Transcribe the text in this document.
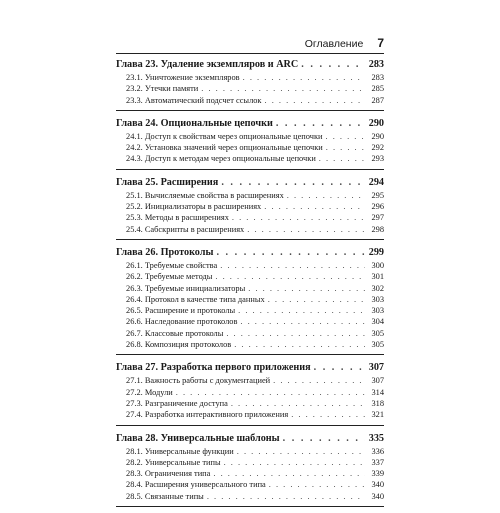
Оглавление 7
Глава 23. Удаление экземпляров и ARC . . .	283
23.1. Уничтожение экземпляров . . .	283
23.2. Утечки памяти . . .	285
23.3. Автоматический подсчет ссылок . . .	287
Глава 24. Опциональные цепочки . . .	290
24.1. Доступ к свойствам через опциональные цепочки . . .	290
24.2. Установка значений через опциональные цепочки . . .	292
24.3. Доступ к методам через опциональные цепочки . . .	293
Глава 25. Расширения . . .	294
25.1. Вычисляемые свойства в расширениях . . .	295
25.2. Инициализаторы в расширениях . . .	296
25.3. Методы в расширениях . . .	297
25.4. Сабскрипты в расширениях . . .	298
Глава 26. Протоколы . . .	299
26.1. Требуемые свойства . . .	300
26.2. Требуемые методы . . .	301
26.3. Требуемые инициализаторы . . .	302
26.4. Протокол в качестве типа данных . . .	303
26.5. Расширение и протоколы . . .	303
26.6. Наследование протоколов . . .	304
26.7. Классовые протоколы . . .	305
26.8. Композиция протоколов . . .	305
Глава 27. Разработка первого приложения . . .	307
27.1. Важность работы с документацией . . .	307
27.2. Модули . . .	314
27.3. Разграничение доступа . . .	318
27.4. Разработка интерактивного приложения . . .	321
Глава 28. Универсальные шаблоны . . .	335
28.1. Универсальные функции . . .	336
28.2. Универсальные типы . . .	337
28.3. Ограничения типа . . .	339
28.4. Расширения универсального типа . . .	340
28.5. Связанные типы . . .	340
